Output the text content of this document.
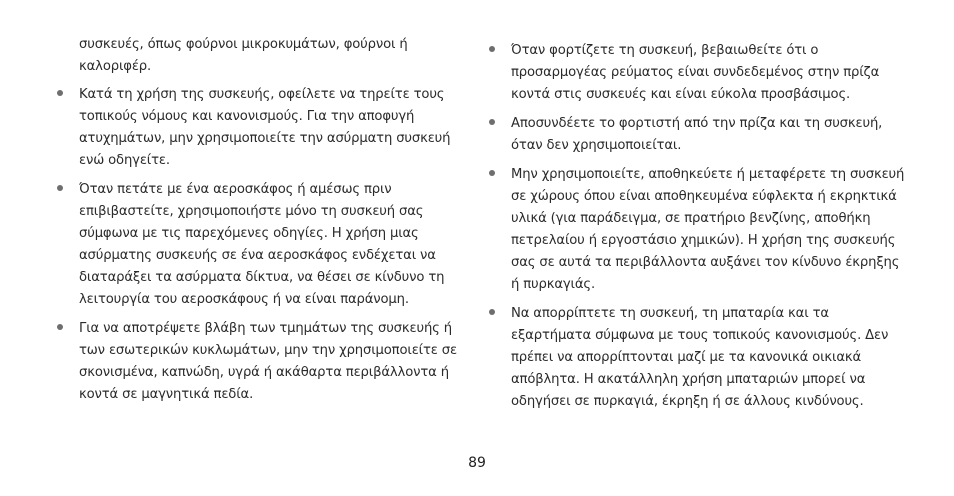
συσκευές, όπως φούρνοι μικροκυμάτων, φούρνοι ή καλοριφέρ.

Κατά τη χρήση της συσκευής, οφείλετε να τηρείτε τους τοπικούς νόμους και κανονισμούς. Για την αποφυγή ατυχημάτων, μην χρησιμοποιείτε την ασύρματη συσκευή ενώ οδηγείτε.
Όταν πετάτε με ένα αεροσκάφος ή αμέσως πριν επιβιβαστείτε, χρησιμοποιήστε μόνο τη συσκευή σας σύμφωνα με τις παρεχόμενες οδηγίες. Η χρήση μιας ασύρματης συσκευής σε ένα αεροσκάφος ενδέχεται να διαταράξει τα ασύρματα δίκτυα, να θέσει σε κίνδυνο τη λειτουργία του αεροσκάφους ή να είναι παράνομη.
Για να αποτρέψετε βλάβη των τμημάτων της συσκευής ή των εσωτερικών κυκλωμάτων, μην την χρησιμοποιείτε σε σκονισμένα, καπνώδη, υγρά ή ακάθαρτα περιβάλλοντα ή κοντά σε μαγνητικά πεδία.
Όταν φορτίζετε τη συσκευή, βεβαιωθείτε ότι ο προσαρμογέας ρεύματος είναι συνδεδεμένος στην πρίζα κοντά στις συσκευές και είναι εύκολα προσβάσιμος.
Αποσυνδέετε το φορτιστή από την πρίζα και τη συσκευή, όταν δεν χρησιμοποιείται.
Μην χρησιμοποιείτε, αποθηκεύετε ή μεταφέρετε τη συσκευή σε χώρους όπου είναι αποθηκευμένα εύφλεκτα ή εκρηκτικά υλικά (για παράδειγμα, σε πρατήριο βενζίνης, αποθήκη πετρελαίου ή εργοστάσιο χημικών). Η χρήση της συσκευής σας σε αυτά τα περιβάλλοντα αυξάνει τον κίνδυνο έκρηξης ή πυρκαγιάς.
Να απορρίπτετε τη συσκευή, τη μπαταρία και τα εξαρτήματα σύμφωνα με τους τοπικούς κανονισμούς. Δεν πρέπει να απορρίπτονται μαζί με τα κανονικά οικιακά απόβλητα. Η ακατάλληλη χρήση μπαταριών μπορεί να οδηγήσει σε πυρκαγιά, έκρηξη ή σε άλλους κινδύνους.
89
